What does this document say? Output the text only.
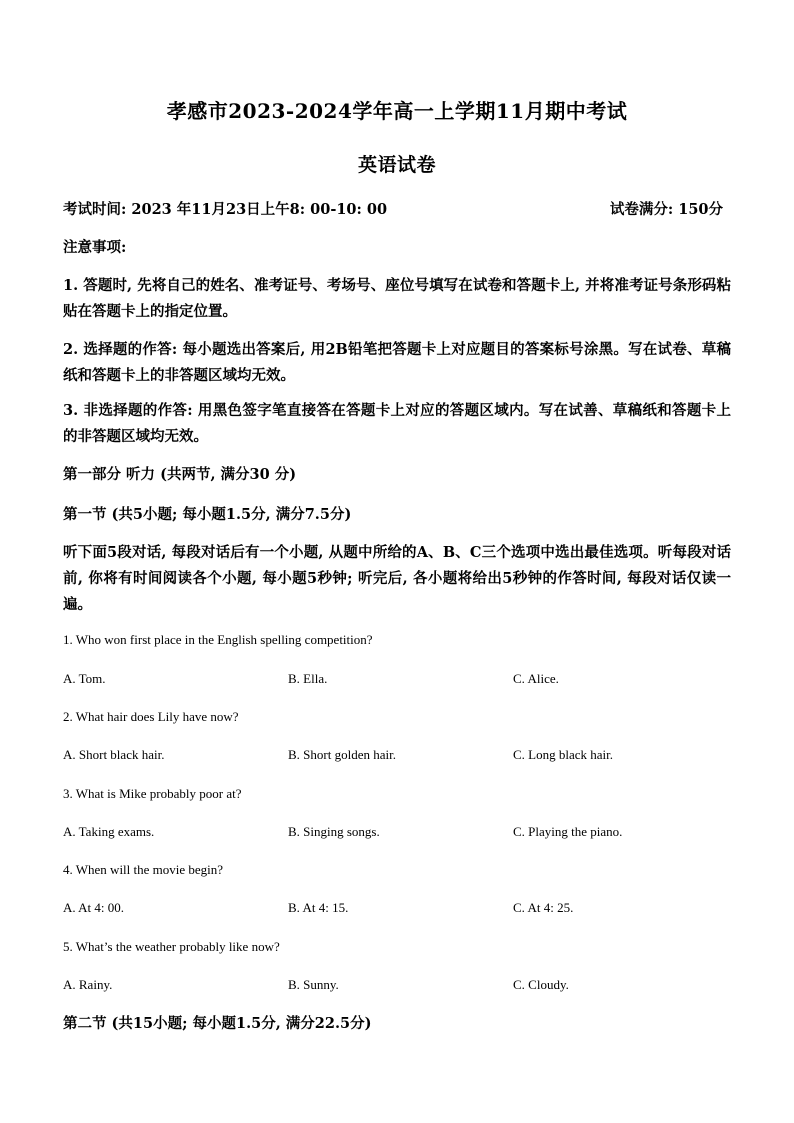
孝感市2023-2024学年高一上学期11月期中考试
英语试卷
考试时间: 2023 年11月23日上午8: 00-10: 00	试卷满分: 150分
注意事项:
1. 答题时, 先将自己的姓名、准考证号、考场号、座位号填写在试卷和答题卡上, 并将准考证号条形码粘贴在答题卡上的指定位置。
2. 选择题的作答: 每小题选出答案后, 用2B铅笔把答题卡上对应题目的答案标号涂黑。写在试卷、草稿纸和答题卡上的非答题区域均无效。
3. 非选择题的作答: 用黑色签字笔直接答在答题卡上对应的答题区域内。写在试善、草稿纸和答题卡上的非答题区域均无效。
第一部分 听力 (共两节, 满分30 分)
第一节 (共5小题; 每小题1.5分, 满分7.5分)
听下面5段对话, 每段对话后有一个小题, 从题中所给的A、B、C三个选项中选出最佳选项。听每段对话前, 你将有时间阅读各个小题, 每小题5秒钟; 听完后, 各小题将给出5秒钟的作答时间, 每段对话仅读一遍。
1. Who won first place in the English spelling competition?
A. Tom.	B. Ella.	C. Alice.
2. What hair does Lily have now?
A. Short black hair.	B. Short golden hair.	C. Long black hair.
3. What is Mike probably poor at?
A. Taking exams.	B. Singing songs.	C. Playing the piano.
4. When will the movie begin?
A. At 4: 00.	B. At 4: 15.	C. At 4: 25.
5. What’s the weather probably like now?
A. Rainy.	B. Sunny.	C. Cloudy.
第二节 (共15小题; 每小题1.5分, 满分22.5分)
